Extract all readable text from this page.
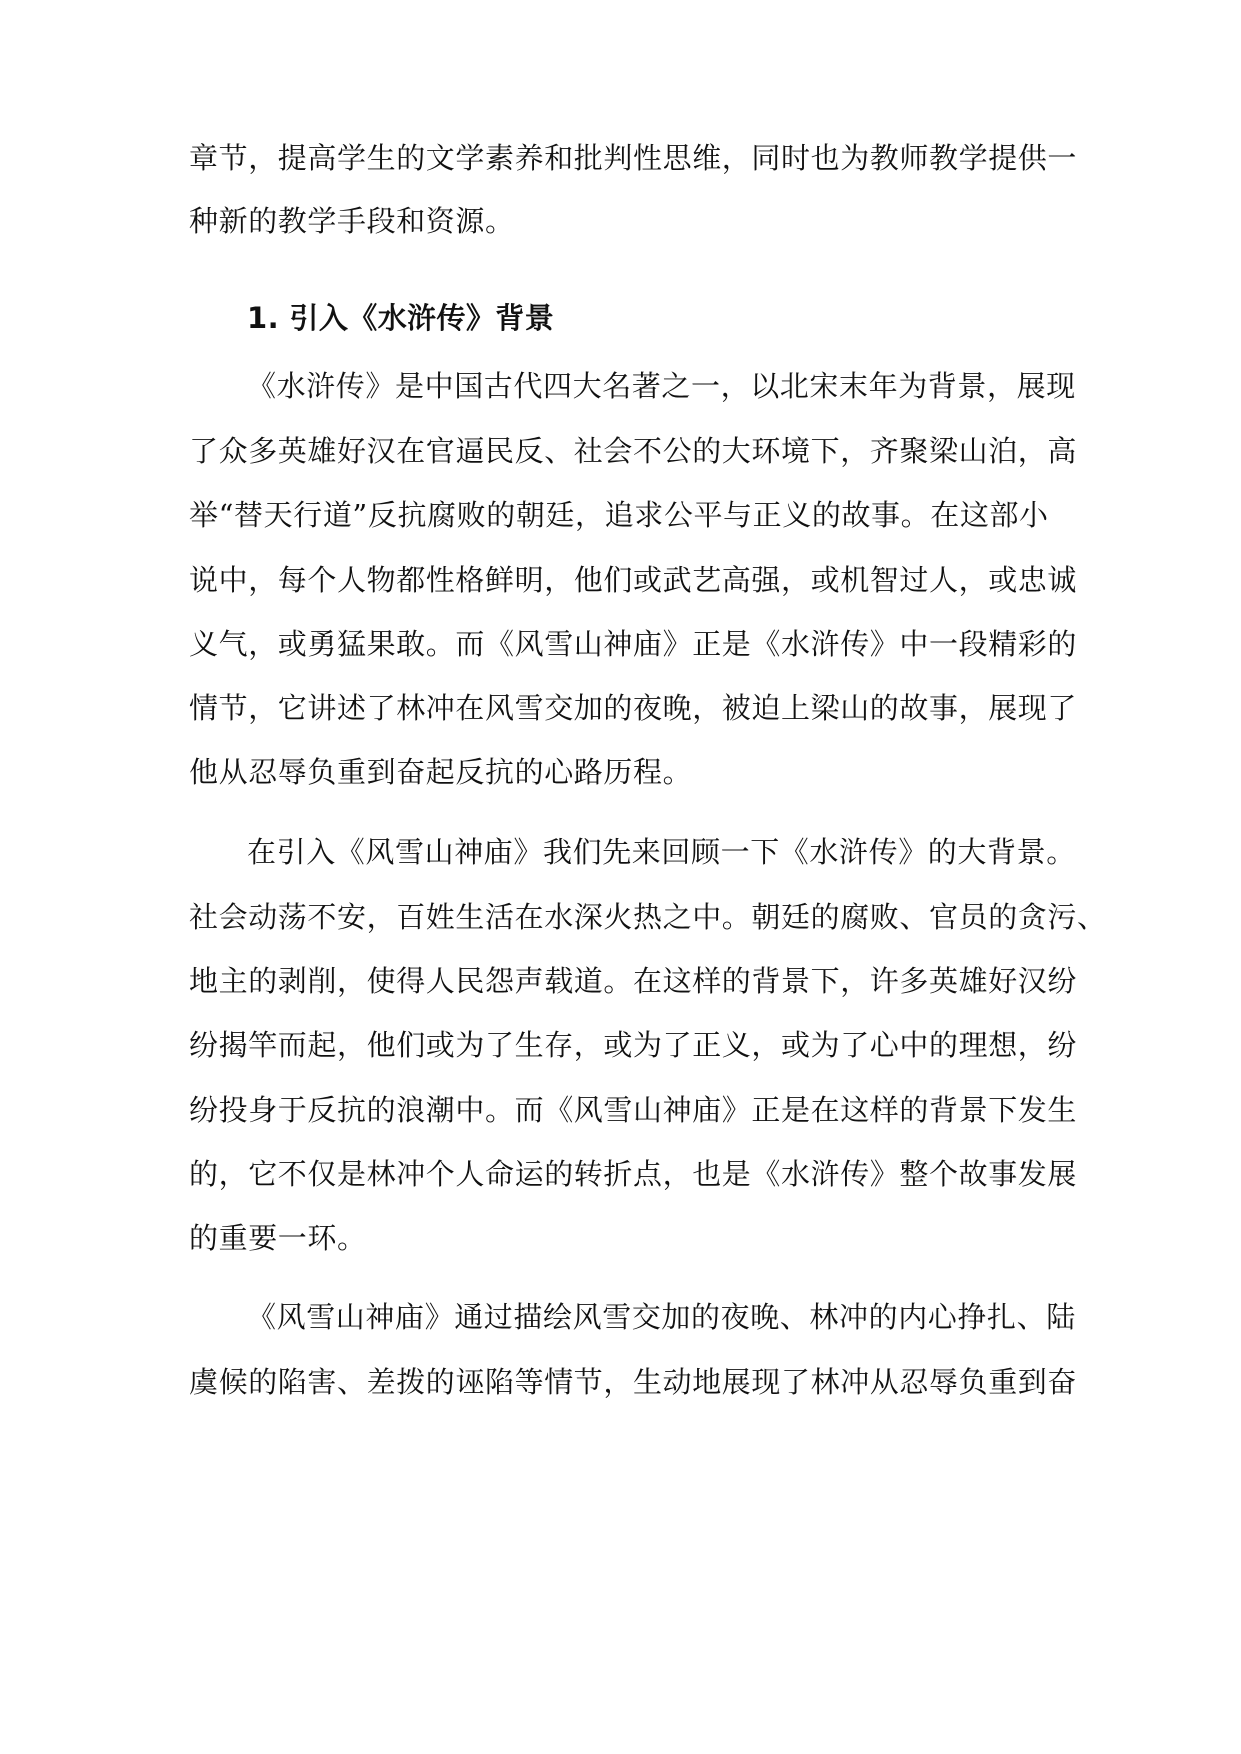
章节，提高学生的文学素养和批判性思维，同时也为教师教学提供一
种新的教学手段和资源。
1. 引入《水浒传》背景
《水浒传》是中国古代四大名著之一，以北宋末年为背景，展现
了众多英雄好汉在官逼民反、社会不公的大环境下，齐聚梁山泊，高
举“替天行道”反抗腐败的朝廷，追求公平与正义的故事。在这部小
说中，每个人物都性格鲜明，他们或武艺高强，或机智过人，或忠诚
义气，或勇猛果敢。而《风雪山神庙》正是《水浒传》中一段精彩的
情节，它讲述了林冲在风雪交加的夜晚，被迫上梁山的故事，展现了
他从忍辱负重到奋起反抗的心路历程。
在引入《风雪山神庙》我们先来回顾一下《水浒传》的大背景。
社会动荡不安，百姓生活在水深火热之中。朝廷的腐败、官员的贪污、
地主的剥削，使得人民怨声载道。在这样的背景下，许多英雄好汉纷
纷揭竿而起，他们或为了生存，或为了正义，或为了心中的理想，纷
纷投身于反抗的浪潮中。而《风雪山神庙》正是在这样的背景下发生
的，它不仅是林冲个人命运的转折点，也是《水浒传》整个故事发展
的重要一环。
《风雪山神庙》通过描绘风雪交加的夜晚、林冲的内心挣扎、陆
虞候的陷害、差拨的诬陷等情节，生动地展现了林冲从忍辱负重到奋
